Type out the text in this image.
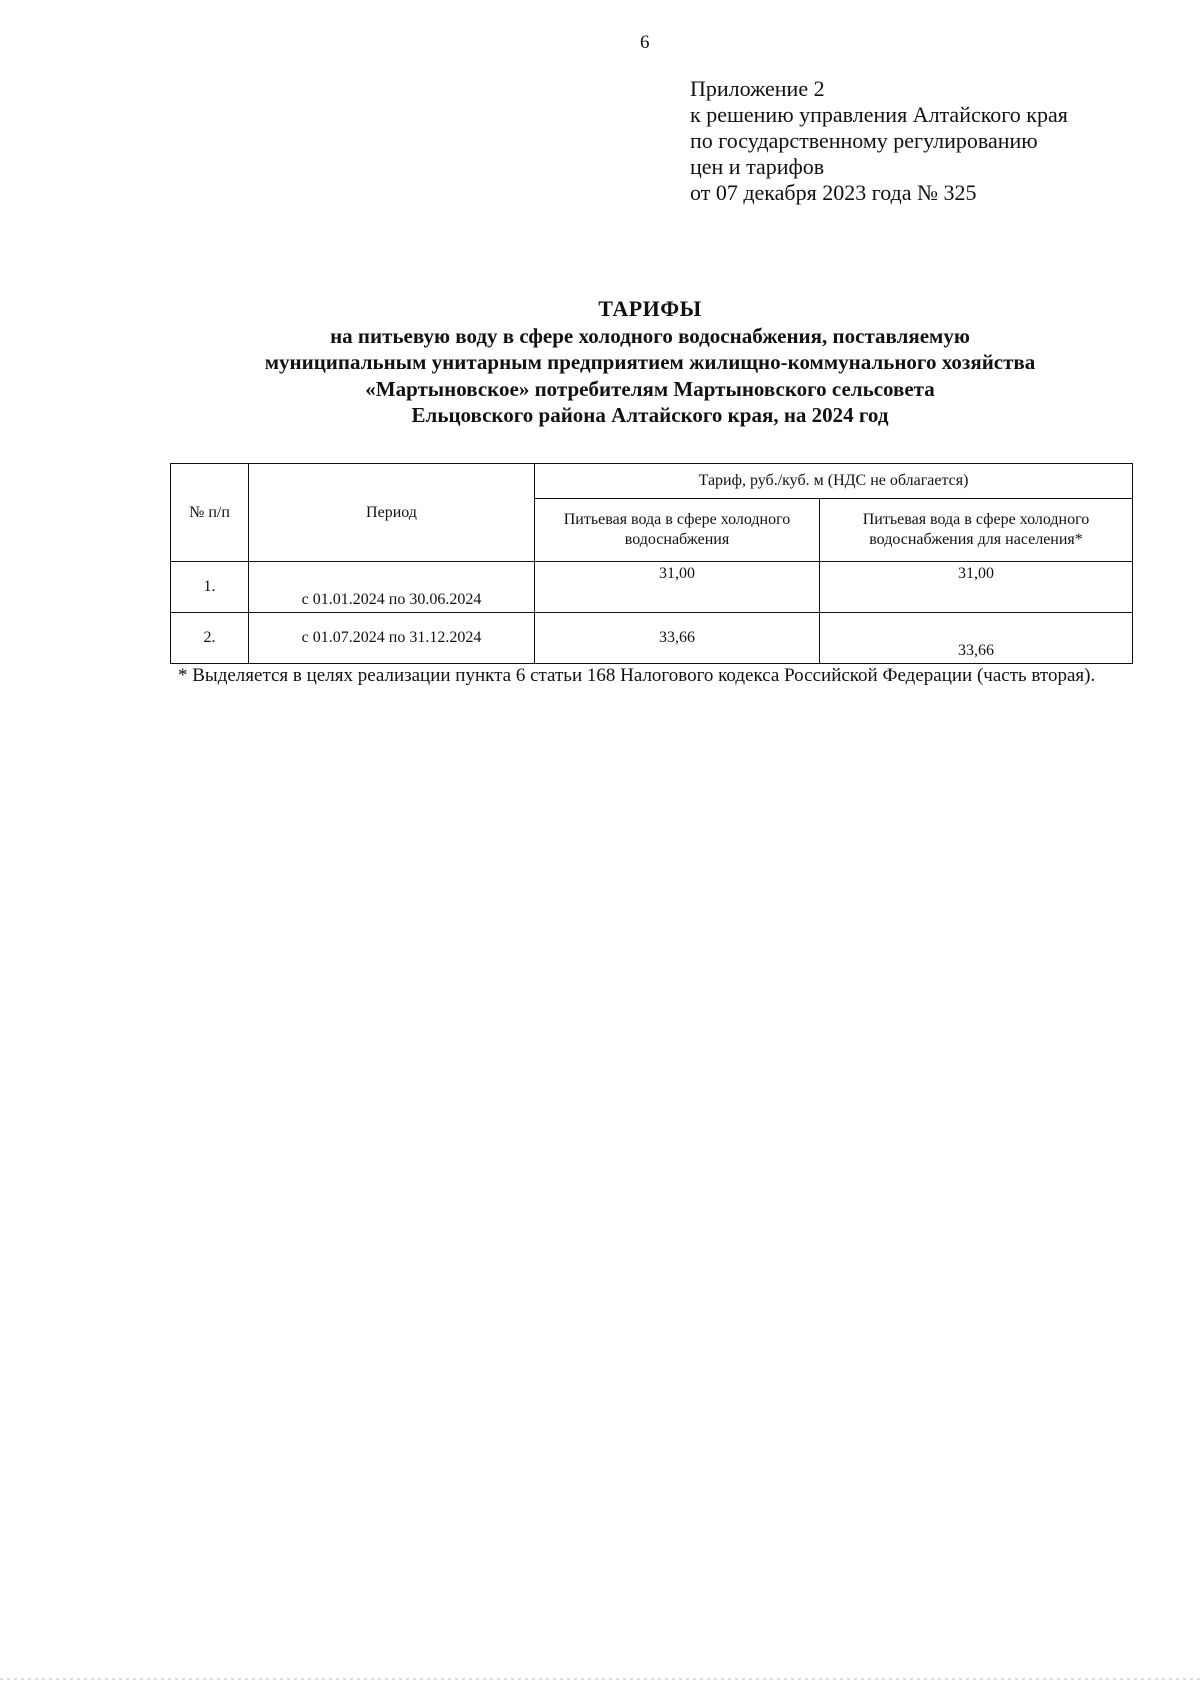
6
Приложение 2
к решению управления Алтайского края
по государственному регулированию
цен и тарифов
от 07 декабря 2023 года № 325
ТАРИФЫ
на питьевую воду в сфере холодного водоснабжения, поставляемую
муниципальным унитарным предприятием жилищно-коммунального хозяйства
«Мартыновское» потребителям Мартыновского сельсовета
Ельцовского района Алтайского края, на 2024 год
№ п/п	Период	Тариф, руб./куб. м (НДС не облагается)	
		Питьевая вода в сфере холодного водоснабжения	Питьевая вода в сфере холодного водоснабжения для населения*
1.	с 01.01.2024 по 30.06.2024	31,00	31,00
2.	с 01.07.2024 по 31.12.2024	33,66	33,66
* Выделяется в целях реализации пункта 6 статьи 168 Налогового кодекса Российской Федерации (часть вторая).
